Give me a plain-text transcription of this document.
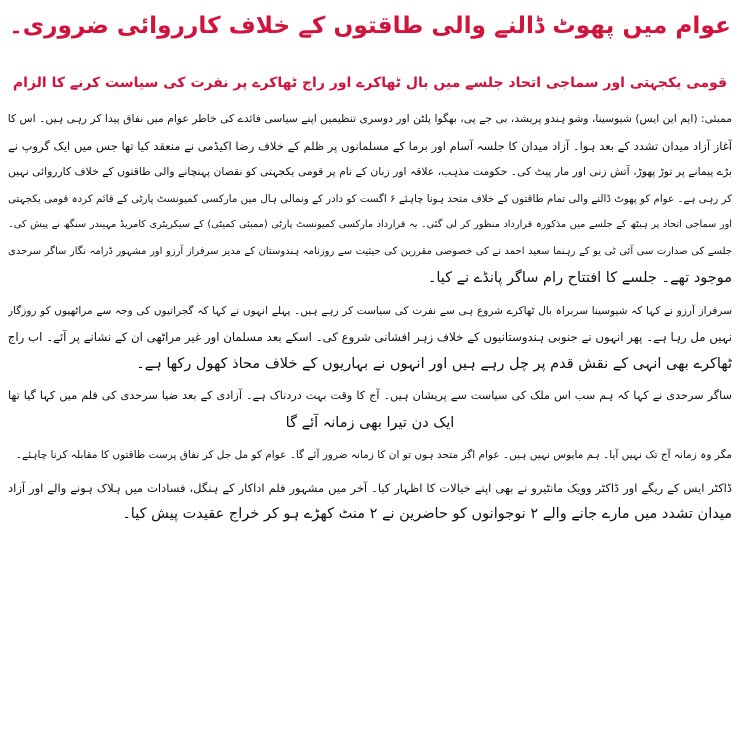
عوام میں پھوٹ ڈالنے والی طاقتوں کے خلاف کارروائی ضروری۔
قومی یکجہتی اور سماجی اتحاد جلسے میں بال ٹھاکرے اور راج ٹھاکرے پر نفرت کی سیاست کرنے کا الزام
ممبئی: (ایم این ایس) شیوسینا، وشو ہندو پریشد، بی جے پی، بھگوا پلٹن اور دوسری تنظیمیں اپنے سیاسی فائدے کی خاطر عوام میں نفاق پیدا کر رہی ہیں۔ اس کا
آغاز آزاد میدان تشدد کے بعد ہوا۔ آزاد میدان کا جلسہ آسام اور برما کے مسلمانوں پر ظلم کے خلاف رضا اکیڈمی نے منعقد کیا تھا جس میں ایک گروپ نے
بڑے پیمانے پر توڑ پھوڑ، آتش زنی اور مار پیٹ کی۔ حکومت مذہب، علاقہ اور زبان کے نام پر قومی یکجہتی کو نقصان پہنچانے والی طاقتوں کے خلاف کارروائی نہیں
کر رہی ہے۔ عوام کو پھوٹ ڈالنے والی تمام طاقتوں کے خلاف متحد ہونا چاہئے ۶ اگست کو دادر کے ونمالی ہال میں مارکسی کمیونسٹ پارٹی کے قائم کردہ قومی یکجہتی
اور سماجی اتحاد پر ہیٹھ کے جلسے میں مذکورہ قرارداد منظور کر لی گئی۔ یہ قرارداد مارکسی کمیونسٹ پارٹی (ممبئی کمیٹی) کے سیکریٹری کامریڈ مہیندر سنگھ نے پیش کی۔
جلسے کی صدارت سی آئی ٹی یو کے رہنما سعید احمد نے کی خصوصی مقررین کی حیثیت سے روزنامہ ہندوستان کے مدیر سرفراز آرزو اور مشہور ڈرامہ نگار ساگر سرحدی
موجود تھے۔ جلسے کا افتتاح رام ساگر پانڈے نے کیا۔
سرفراز آرزو نے کہا کہ شیوسینا سربراہ بال ٹھاکرے شروع ہی سے نفرت کی سیاست کر رہے ہیں۔ پہلے انہوں نے کہا کہ گجراتیوں کی وجہ سے مراٹھیوں کو روزگار
نہیں مل رہا ہے۔ پھر انہوں نے جنوبی ہندوستانیوں کے خلاف زہر افشانی شروع کی۔ اسکے بعد مسلمان اور غیر مراٹھی ان کے نشانے پر آئے۔ اب راج
ٹھاکرے بھی انہی کے نقش قدم پر چل رہے ہیں اور انہوں نے بہاریوں کے خلاف محاذ کھول رکھا ہے۔
ساگر سرحدی نے کہا کہ ہم سب اس ملک کی سیاست سے پریشان ہیں۔ آج کا وقت بہت دردناک ہے۔ آزادی کے بعد ضیا سرحدی کی فلم میں کہا گیا تھا
ایک دن تیرا بھی زمانہ آئے گا
مگر وہ زمانہ آج تک نہیں آیا۔ ہم مایوس نہیں ہیں۔ عوام اگر متحد ہوں تو ان کا زمانہ ضرور آئے گا۔ عوام کو مل جل کر نفاق پرست طاقتوں کا مقابلہ کرنا چاہئے۔
ڈاکٹر ایس کے ریگے اور ڈاکٹر وویک مانٹیرو نے بھی اپنے خیالات کا اظہار کیا۔ آخر میں مشہور فلم اداکار کے ہنگل، فسادات میں ہلاک ہونے والے اور آزاد
میدان تشدد میں مارے جانے والے ۲ نوجوانوں کو حاضرین نے ۲ منٹ کھڑے ہو کر خراج عقیدت پیش کیا۔
